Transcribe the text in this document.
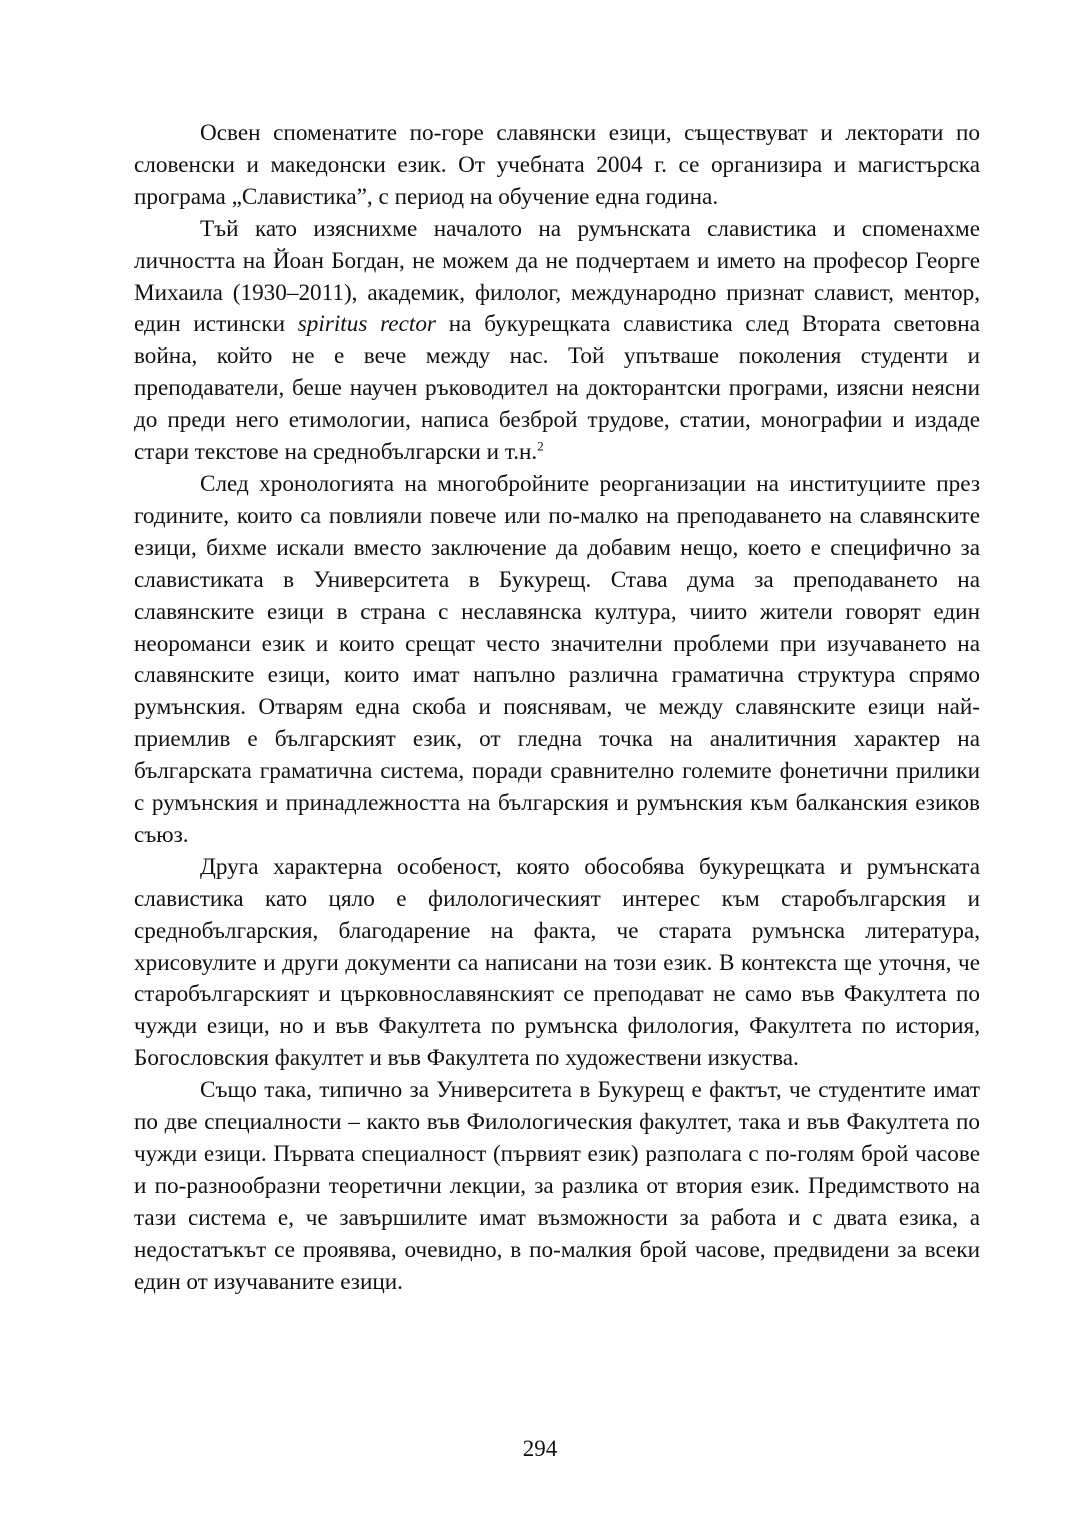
Освен споменатите по-горе славянски езици, съществуват и лекторати по словенски и македонски език. От учебната 2004 г. се организира и магистърска програма „Славистика”, с период на обучение една година.

Тъй като изяснихме началото на румънската славистика и споменахме личността на Йоан Богдан, не можем да не подчертаем и името на професор Георге Михаила (1930–2011), академик, филолог, международно признат славист, ментор, един истински spiritus rector на букурещката славистика след Втората световна война, който не е вече между нас. Той упътваше поколения студенти и преподаватели, беше научен ръководител на докторантски програми, изясни неясни до преди него етимологии, написа безброй трудове, статии, монографии и издаде стари текстове на среднобългарски и т.н.$^2$

След хронологията на многобройните реорганизации на институциите през годините, които са повлияли повече или по-малко на преподаването на славянските езици, бихме искали вместо заключение да добавим нещо, което е специфично за славистиката в Университета в Букурещ. Става дума за преподаването на славянските езици в страна с неславянска култура, чиито жители говорят един неороманси език и които срещат често значителни проблеми при изучаването на славянските езици, които имат напълно различна граматична структура спрямо румънския. Отварям една скоба и пояснявам, че между славянските езици най-приемлив е българският език, от гледна точка на аналитичния характер на българската граматична система, поради сравнително големите фонетични прилики с румънския и принадлежността на българския и румънския към балканския езиков съюз.

Друга характерна особеност, която обособява букурещката и румънската славистика като цяло е филологическият интерес към старобългарския и среднобългарския, благодарение на факта, че старата румънска литература, хрисовулите и други документи са написани на този език. В контекста ще уточня, че старобългарският и църковнославянският се преподават не само във Факултета по чужди езици, но и във Факултета по румънска филология, Факултета по история, Богословския факултет и във Факултета по художествени изкуства.

Също така, типично за Университета в Букурещ е фактът, че студентите имат по две специалности – както във Филологическия факултет, така и във Факултета по чужди езици. Първата специалност (първият език) разполага с по-голям брой часове и по-разнообразни теоретични лекции, за разлика от втория език. Предимството на тази система е, че завършилите имат възможности за работа и с двата езика, а недостатъкът се проявява, очевидно, в по-малкия брой часове, предвидени за всеки един от изучаваните езици.

294
